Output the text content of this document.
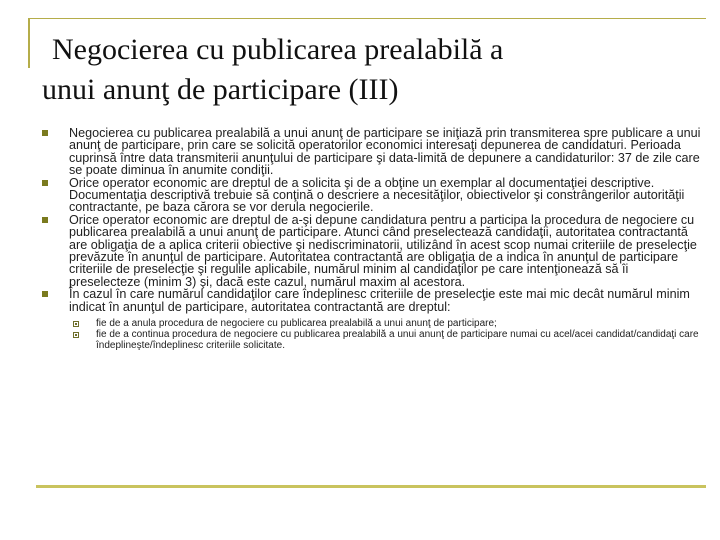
Negocierea cu publicarea prealabilă a
unui anunţ de participare (III)
Negocierea cu publicarea prealabilă a unui anunţ de participare se iniţiază prin transmiterea spre publicare a unui anunţ de participare, prin care se solicită operatorilor economici interesaţi depunerea de candidaturi. Perioada cuprinsă între data transmiterii anunţului de participare şi data-limită de depunere a candidaturilor: 37 de zile care se poate diminua în anumite condiţii.
Orice operator economic are dreptul de a solicita şi de a obţine un exemplar al documentaţiei descriptive. Documentaţia descriptivă trebuie să conţină o descriere a necesităţilor, obiectivelor şi constrângerilor autorităţii contractante, pe baza cărora se vor derula negocierile.
Orice operator economic are dreptul de a-şi depune candidatura pentru a participa la procedura de negociere cu publicarea prealabilă a unui anunţ de participare. Atunci când preselectează candidaţii, autoritatea contractantă are obligaţia de a aplica criterii obiective şi nediscriminatorii, utilizând în acest scop numai criteriile de preselecţie prevăzute în anunţul de participare. Autoritatea contractantă are obligaţia de a indica în anunţul de participare criteriile de preselecţie şi regulile aplicabile, numărul minim al candidaţilor pe care intenţionează să îi preselecteze (minim 3) şi, dacă este cazul, numărul maxim al acestora.
În cazul în care numărul candidaţilor care îndeplinesc criteriile de preselecţie este mai mic decât numărul minim indicat în anunţul de participare, autoritatea contractantă are dreptul:
fie de a anula procedura de negociere cu publicarea prealabilă a unui anunţ de participare;
fie de a continua procedura de negociere cu publicarea prealabilă a unui anunţ de participare numai cu acel/acei candidat/candidaţi care îndeplineşte/îndeplinesc criteriile solicitate.
